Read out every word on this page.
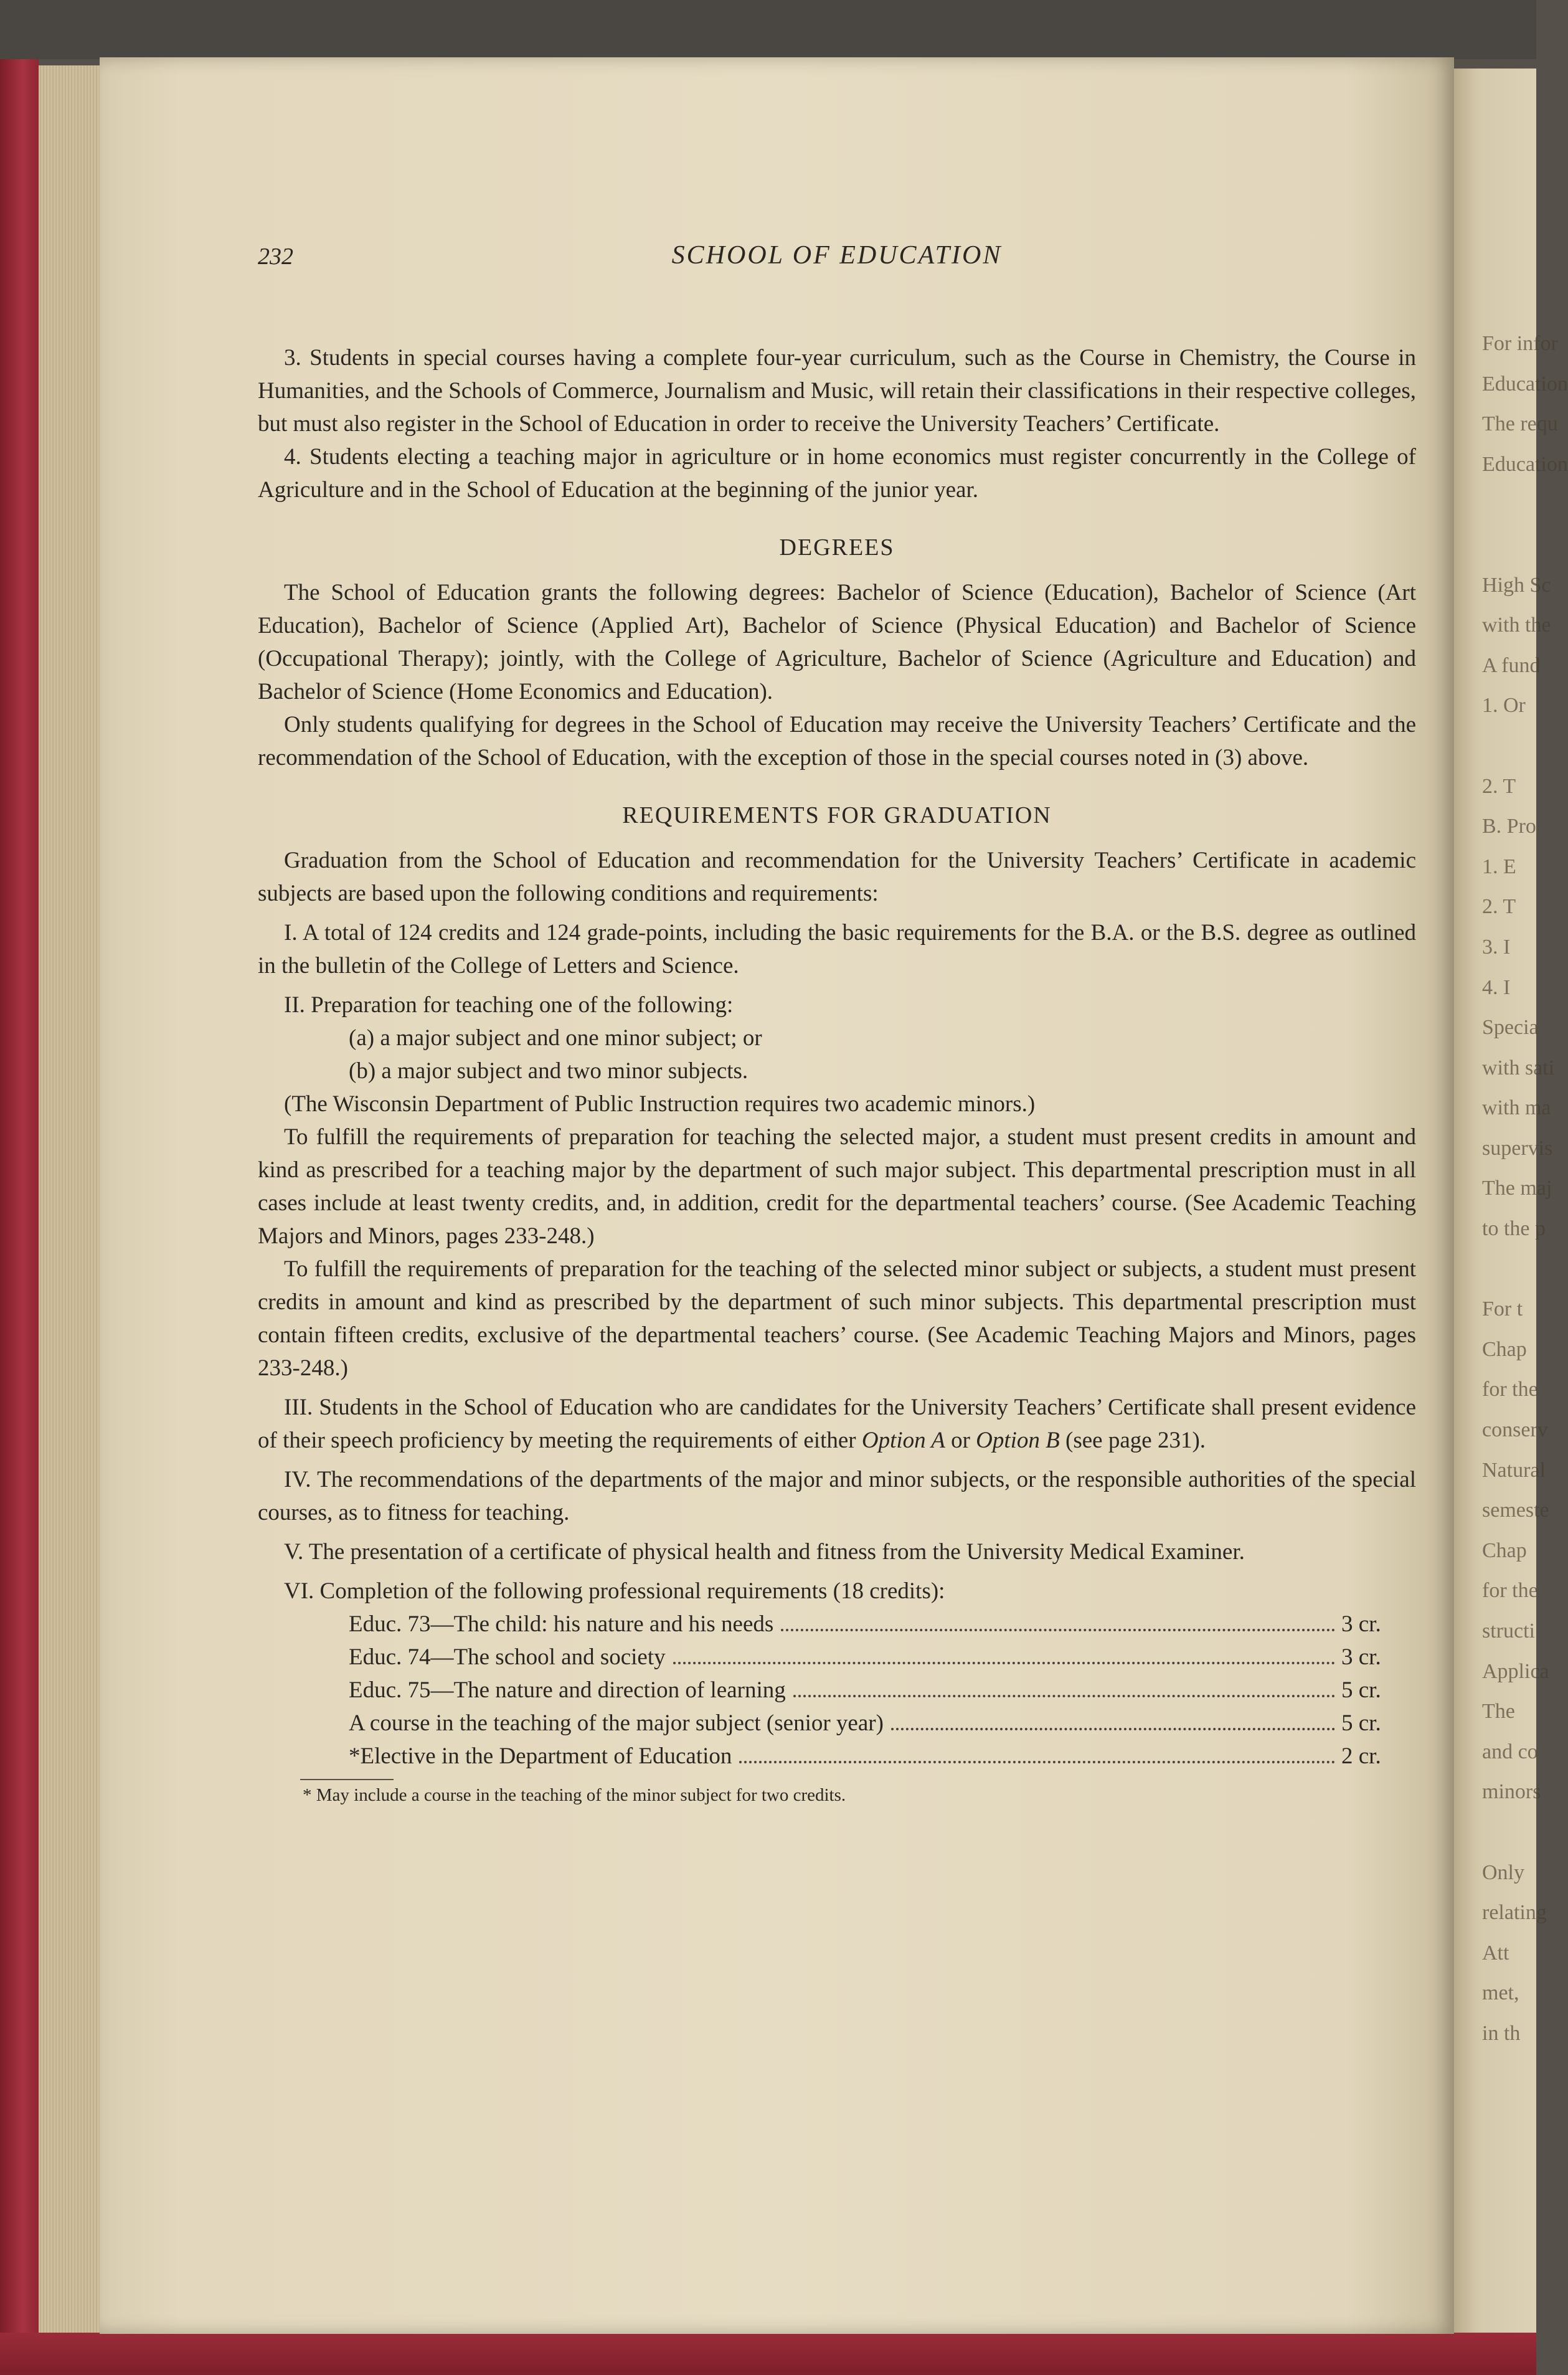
For infor
Education
The requ
Education

High Sc
with the
A fund
1. Or

2. T
B. Pro
1. E
2. T
3. I
4. I
Specia
with sati
with ma
supervis
The maj
to the p

For t
Chap
for the
conserv
Natural
semeste
Chap
for the
structi
Applica
The
and co
minors

Only
relating
Att
met,
in th
232	SCHOOL OF EDUCATION

3. Students in special courses having a complete four-year curriculum, such as the Course in Chemistry, the Course in Humanities, and the Schools of Commerce, Journalism and Music, will retain their classifications in their respective colleges, but must also register in the School of Education in order to receive the University Teachers’ Certificate.

4. Students electing a teaching major in agriculture or in home economics must register concurrently in the College of Agriculture and in the School of Education at the beginning of the junior year.

DEGREES

The School of Education grants the following degrees: Bachelor of Science (Education), Bachelor of Science (Art Education), Bachelor of Science (Applied Art), Bachelor of Science (Physical Education) and Bachelor of Science (Occupational Therapy); jointly, with the College of Agriculture, Bachelor of Science (Agriculture and Education) and Bachelor of Science (Home Economics and Education).

Only students qualifying for degrees in the School of Education may receive the University Teachers’ Certificate and the recommendation of the School of Education, with the exception of those in the special courses noted in (3) above.

REQUIREMENTS FOR GRADUATION

Graduation from the School of Education and recommendation for the University Teachers’ Certificate in academic subjects are based upon the following conditions and requirements:

I. A total of 124 credits and 124 grade-points, including the basic requirements for the B.A. or the B.S. degree as outlined in the bulletin of the College of Letters and Science.

II. Preparation for teaching one of the following:

(a) a major subject and one minor subject; or

(b) a major subject and two minor subjects.

(The Wisconsin Department of Public Instruction requires two academic minors.)

To fulfill the requirements of preparation for teaching the selected major, a student must present credits in amount and kind as prescribed for a teaching major by the department of such major subject. This departmental prescription must in all cases include at least twenty credits, and, in addition, credit for the departmental teachers’ course. (See Academic Teaching Majors and Minors, pages 233-248.)

To fulfill the requirements of preparation for the teaching of the selected minor subject or subjects, a student must present credits in amount and kind as prescribed by the department of such minor subjects. This departmental prescription must contain fifteen credits, exclusive of the departmental teachers’ course. (See Academic Teaching Majors and Minors, pages 233-248.)

III. Students in the School of Education who are candidates for the University Teachers’ Certificate shall present evidence of their speech proficiency by meeting the requirements of either Option A or Option B (see page 231).

IV. The recommendations of the departments of the major and minor subjects, or the responsible authorities of the special courses, as to fitness for teaching.

V. The presentation of a certificate of physical health and fitness from the University Medical Examiner.

VI. Completion of the following professional requirements (18 credits):

Educ. 73—The child: his nature and his needs	3 cr.
Educ. 74—The school and society	3 cr.
Educ. 75—The nature and direction of learning	5 cr.
A course in the teaching of the major subject (senior year)	5 cr.
*Elective in the Department of Education	2 cr.
* May include a course in the teaching of the minor subject for two credits.
